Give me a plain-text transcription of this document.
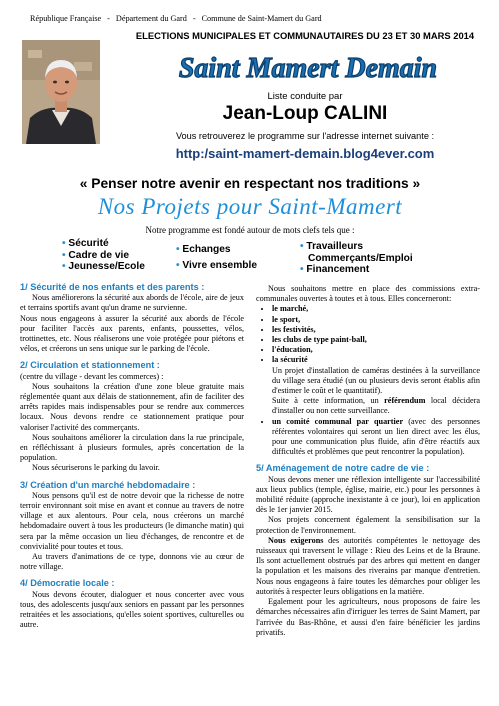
République Française - Département du Gard - Commune de Saint-Mamert du Gard
ELECTIONS MUNICIPALES ET COMMUNAUTAIRES DU 23 ET 30 MARS 2014
Saint Mamert Demain
Liste conduite par
Jean-Loup CALINI
Vous retrouverez le programme sur l'adresse internet suivante :
http:/saint-mamert-demain.blog4ever.com
« Penser notre avenir en respectant nos traditions »
Nos Projets pour Saint-Mamert
Notre programme est fondé autour de mots clefs tels que :
• Sécurité
• Cadre de vie
• Jeunesse/Ecole
• Echanges
• Vivre ensemble
• Travailleurs
Commerçants/Emploi
• Financement
1/ Sécurité de nos enfants et des parents :

Nous améliorerons la sécurité aux abords de l'école, aire de jeux et terrains sportifs avant qu'un drame ne survienne.

Nous nous engageons à assurer la sécurité aux abords de l'école pour faciliter l'accès aux parents, enfants, poussettes, vélos, trottinettes, etc. Nous réaliserons une voie protégée pour piétons et vélos, et créerons un sens unique sur le parking de l'école.

2/ Circulation et stationnement :

(centre du village - devant les commerces) :

Nous souhaitons la création d'une zone bleue gratuite mais réglementée quant aux délais de stationnement, afin de faciliter des arrêts rapides mais indispensables pour se rendre aux commerces locaux. Nous devons rendre ce stationnement pratique pour valoriser l'activité des commerçants.

Nous souhaitons améliorer la circulation dans la rue principale, en réfléchissant à plusieurs formules, après concertation de la population.

Nous sécuriserons le parking du lavoir.

3/ Création d'un marché hebdomadaire :

Nous pensons qu'il est de notre devoir que la richesse de notre terroir environnant soit mise en avant et connue au travers de notre village et aux alentours. Pour cela, nous créerons un marché hebdomadaire ouvert à tous les producteurs (le dimanche matin) qui sera par la même occasion un lieu d'échanges, de rencontre et de convivialité pour toutes et tous.

Au travers d'animations de ce type, donnons vie au cœur de notre village.

4/ Démocratie locale :

Nous devons écouter, dialoguer et nous concerter avec vous tous, des adolescents jusqu'aux seniors en passant par les personnes retraitées et les associations, qu'elles soient sportives, culturelles ou autre.

Nous souhaitons mettre en place des commissions extra-communales ouvertes à toutes et à tous. Elles concerneront:

• le marché,
• le sport,
• les festivités,
• les clubs de type paint-ball,
• l'éducation,
• la sécurité

Un projet d'installation de caméras destinées à la surveillance du village sera étudié (un ou plusieurs devis seront établis afin d'estimer le coût et le quantitatif).

Suite à cette information, un référendum local décidera d'installer ou non cette surveillance.

• un comité communal par quartier (avec des personnes référentes volontaires qui seront un lien direct avec les élus, pour une communication plus fluide, afin d'être réactifs aux difficultés et problèmes que peut rencontrer la population).
5/ Aménagement de notre cadre de vie :

Nous devons mener une réflexion intelligente sur l'accessibilité aux lieux publics (temple, église, mairie, etc.) pour les personnes à mobilité réduite (approche inexistante à ce jour), loi en application dès le 1er janvier 2015.

Nos projets concernent également la sensibilisation sur la protection de l'environnement.

Nous exigerons des autorités compétentes le nettoyage des ruisseaux qui traversent le village : Rieu des Leins et de la Braune. Ils sont actuellement obstrués par des arbres qui mettent en danger la population et les maisons des riverains par manque d'entretien. Nous nous engageons à faire toutes les démarches pour obliger les autorités à respecter leurs obligations en la matière.

Egalement pour les agriculteurs, nous proposons de faire les démarches nécessaires afin d'irriguer les terres de Saint Mamert, par l'arrivée du Bas-Rhône, et aussi d'en faire bénéficier les jardins privatifs.
